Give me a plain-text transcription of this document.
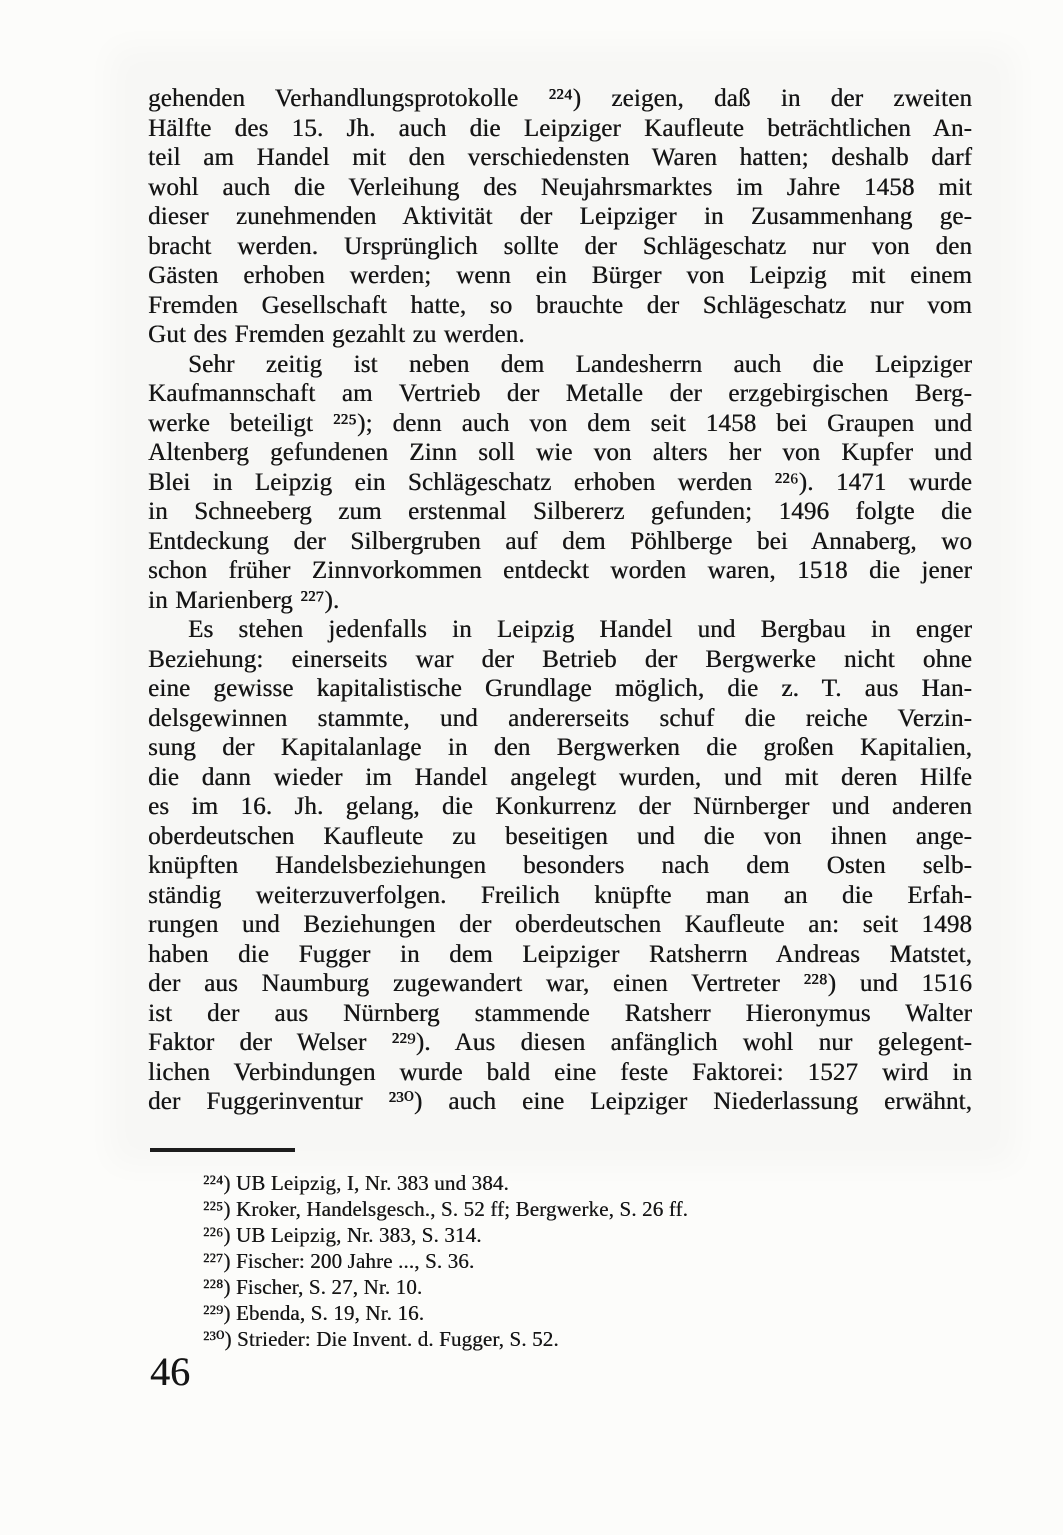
gehenden Verhandlungsprotokolle ²²⁴) zeigen, daß in der zweiten
Hälfte des 15. Jh. auch die Leipziger Kaufleute beträchtlichen An-
teil am Handel mit den verschiedensten Waren hatten; deshalb darf
wohl auch die Verleihung des Neujahrsmarktes im Jahre 1458 mit
dieser zunehmenden Aktivität der Leipziger in Zusammenhang ge-
bracht werden. Ursprünglich sollte der Schlägeschatz nur von den
Gästen erhoben werden; wenn ein Bürger von Leipzig mit einem
Fremden Gesellschaft hatte, so brauchte der Schlägeschatz nur vom
Gut des Fremden gezahlt zu werden.
Sehr zeitig ist neben dem Landesherrn auch die Leipziger
Kaufmannschaft am Vertrieb der Metalle der erzgebirgischen Berg-
werke beteiligt ²²⁵); denn auch von dem seit 1458 bei Graupen und
Altenberg gefundenen Zinn soll wie von alters her von Kupfer und
Blei in Leipzig ein Schlägeschatz erhoben werden ²²⁶). 1471 wurde
in Schneeberg zum erstenmal Silbererz gefunden; 1496 folgte die
Entdeckung der Silbergruben auf dem Pöhlberge bei Annaberg, wo
schon früher Zinnvorkommen entdeckt worden waren, 1518 die jener
in Marienberg ²²⁷).
Es stehen jedenfalls in Leipzig Handel und Bergbau in enger
Beziehung: einerseits war der Betrieb der Bergwerke nicht ohne
eine gewisse kapitalistische Grundlage möglich, die z. T. aus Han-
delsgewinnen stammte, und andererseits schuf die reiche Verzin-
sung der Kapitalanlage in den Bergwerken die großen Kapitalien,
die dann wieder im Handel angelegt wurden, und mit deren Hilfe
es im 16. Jh. gelang, die Konkurrenz der Nürnberger und anderen
oberdeutschen Kaufleute zu beseitigen und die von ihnen ange-
knüpften Handelsbeziehungen besonders nach dem Osten selb-
ständig weiterzuverfolgen. Freilich knüpfte man an die Erfah-
rungen und Beziehungen der oberdeutschen Kaufleute an: seit 1498
haben die Fugger in dem Leipziger Ratsherrn Andreas Matstet,
der aus Naumburg zugewandert war, einen Vertreter ²²⁸) und 1516
ist der aus Nürnberg stammende Ratsherr Hieronymus Walter
Faktor der Welser ²²⁹). Aus diesen anfänglich wohl nur gelegent-
lichen Verbindungen wurde bald eine feste Faktorei: 1527 wird in
der Fuggerinventur ²³⁰) auch eine Leipziger Niederlassung erwähnt,
²²⁴) UB Leipzig, I, Nr. 383 und 384.
²²⁵) Kroker, Handelsgesch., S. 52 ff; Bergwerke, S. 26 ff.
²²⁶) UB Leipzig, Nr. 383, S. 314.
²²⁷) Fischer: 200 Jahre ..., S. 36.
²²⁸) Fischer, S. 27, Nr. 10.
²²⁹) Ebenda, S. 19, Nr. 16.
²³⁰) Strieder: Die Invent. d. Fugger, S. 52.
46
